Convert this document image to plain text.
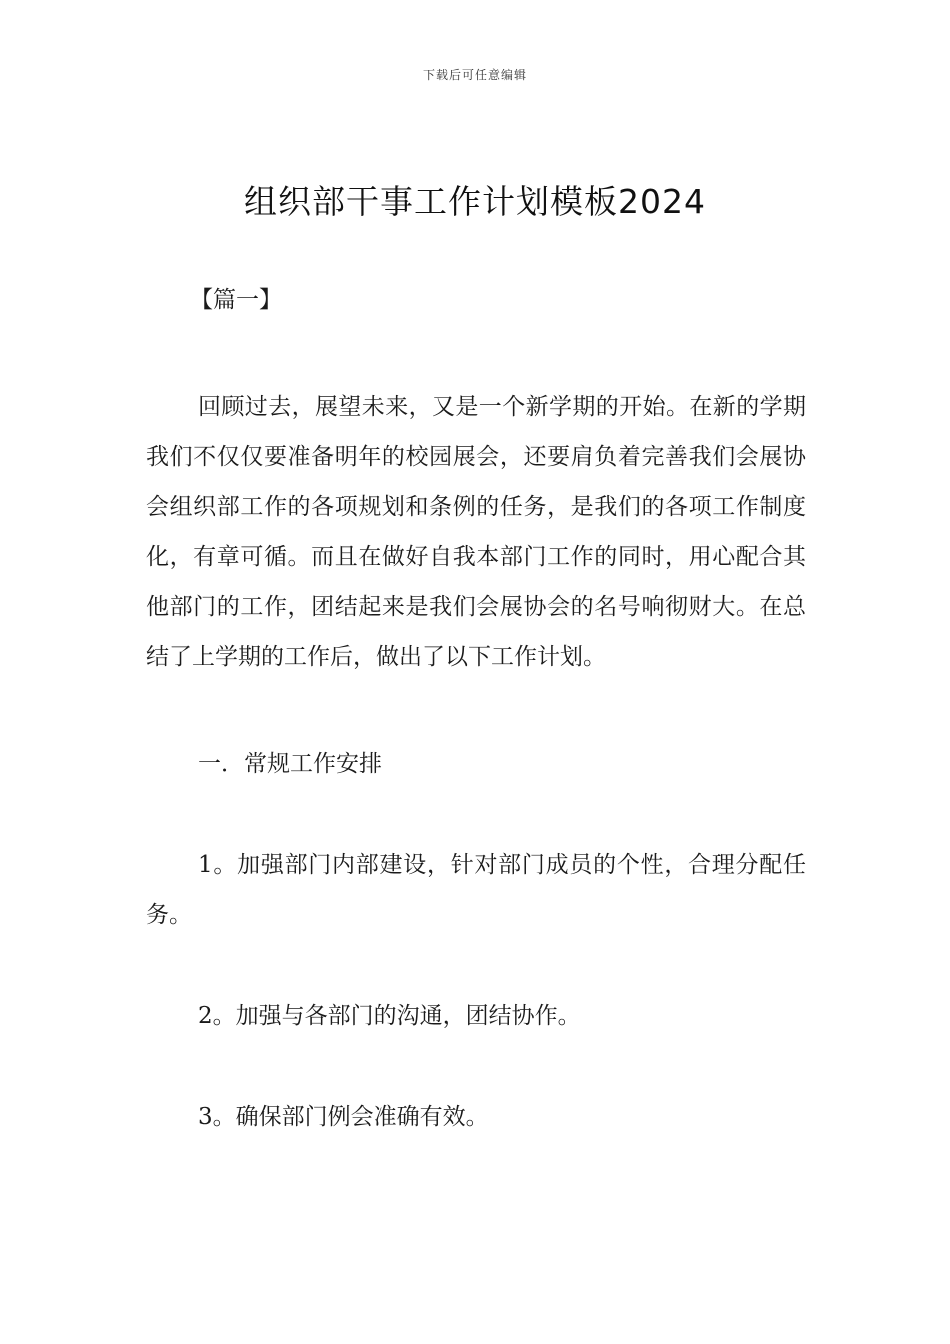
下载后可任意编辑
组织部干事工作计划模板2024

【篇一】

回顾过去，展望未来，又是一个新学期的开始。在新的学期我们不仅仅要准备明年的校园展会，还要肩负着完善我们会展协会组织部工作的各项规划和条例的任务，是我们的各项工作制度化，有章可循。而且在做好自我本部门工作的同时，用心配合其他部门的工作，团结起来是我们会展协会的名号响彻财大。在总结了上学期的工作后，做出了以下工作计划。

一．常规工作安排

1。加强部门内部建设，针对部门成员的个性，合理分配任务。

2。加强与各部门的沟通，团结协作。

3。确保部门例会准确有效。
